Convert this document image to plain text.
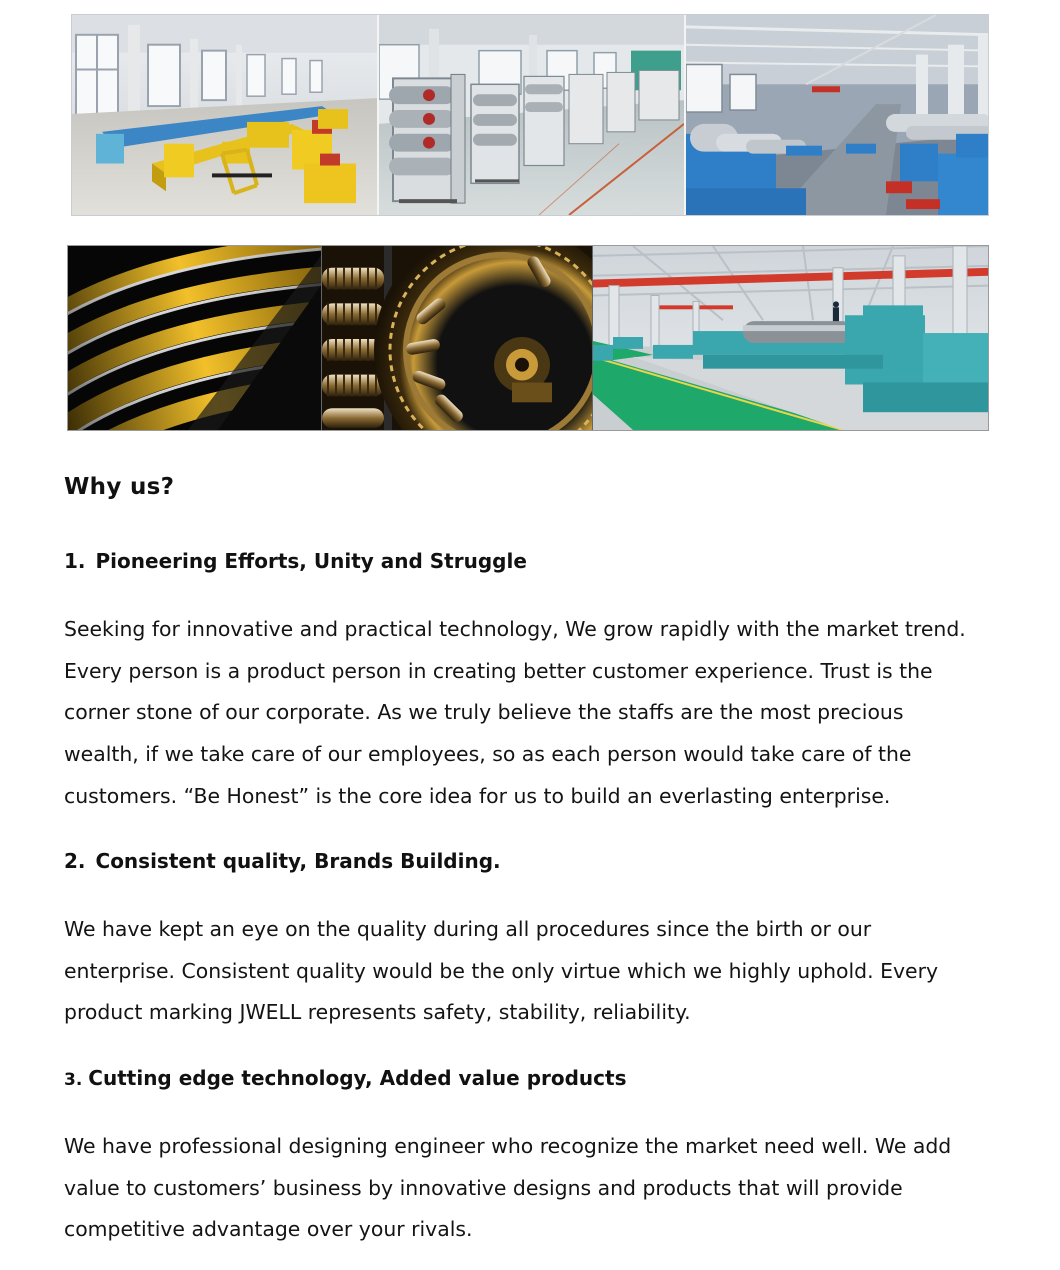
Why us?
1. Pioneering Efforts, Unity and Struggle
Seeking for innovative and practical technology, We grow rapidly with the market trend.
Every person is a product person in creating better customer experience. Trust is the
corner stone of our corporate. As we truly believe the staffs are the most precious
wealth, if we take care of our employees, so as each person would take care of the
customers. “Be Honest” is the core idea for us to build an everlasting enterprise.
2. Consistent quality, Brands Building.
We have kept an eye on the quality during all procedures since the birth or our
enterprise. Consistent quality would be the only virtue which we highly uphold. Every
product marking JWELL represents safety, stability, reliability.
3. Cutting edge technology, Added value products
We have professional designing engineer who recognize the market need well. We add
value to customers’ business by innovative designs and products that will provide
competitive advantage over your rivals.
